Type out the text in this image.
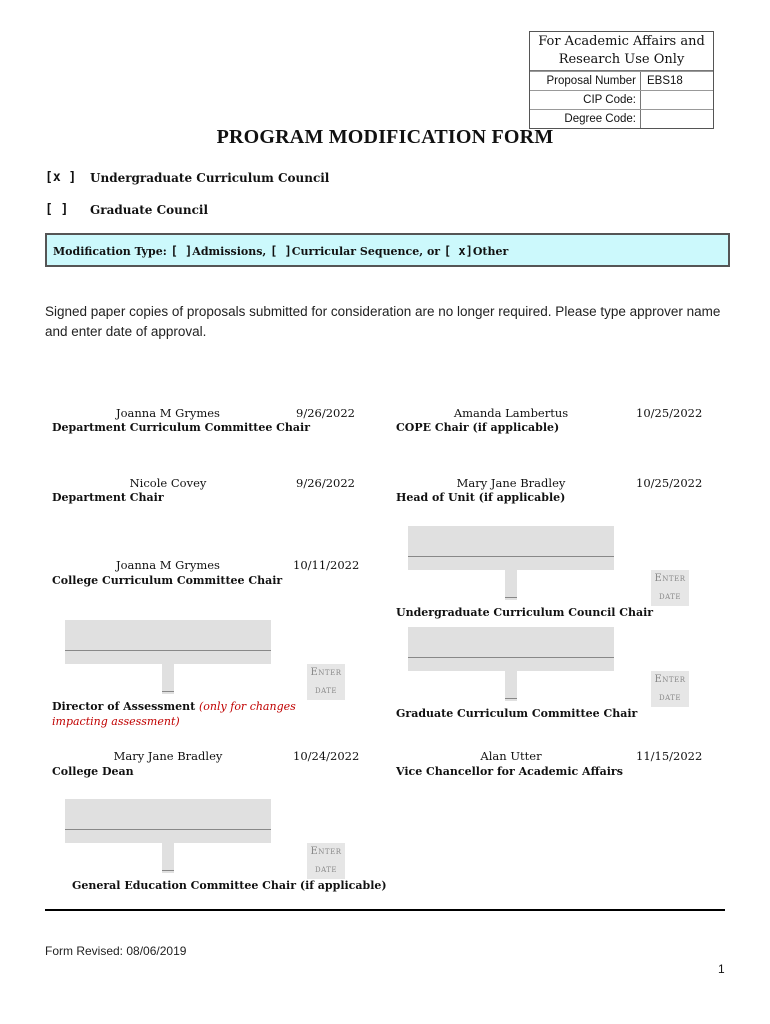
For Academic Affairs and Research Use Only
Proposal Number EBS18
CIP Code:
Degree Code:
PROGRAM MODIFICATION FORM
[x ] Undergraduate Curriculum Council
[ ] Graduate Council
Modification Type: [ ]Admissions, [ ]Curricular Sequence, or [ x]Other
Signed paper copies of proposals submitted for consideration are no longer required. Please type approver name and enter date of approval.
Joanna M Grymes	9/26/2022
Department Curriculum Committee Chair
Nicole Covey	9/26/2022
Department Chair
Joanna M Grymes	10/11/2022
College Curriculum Committee Chair
Enter
date
Director of Assessment (only for changes impacting assessment)
Mary Jane Bradley	10/24/2022
College Dean
Enter
date
General Education Committee Chair (if applicable)
Amanda Lambertus	10/25/2022
COPE Chair (if applicable)
Mary Jane Bradley	10/25/2022
Head of Unit (if applicable)
Enter
date
Undergraduate Curriculum Council Chair
Enter
date
Graduate Curriculum Committee Chair
Alan Utter	11/15/2022
Vice Chancellor for Academic Affairs
Form Revised: 08/06/2019
1
